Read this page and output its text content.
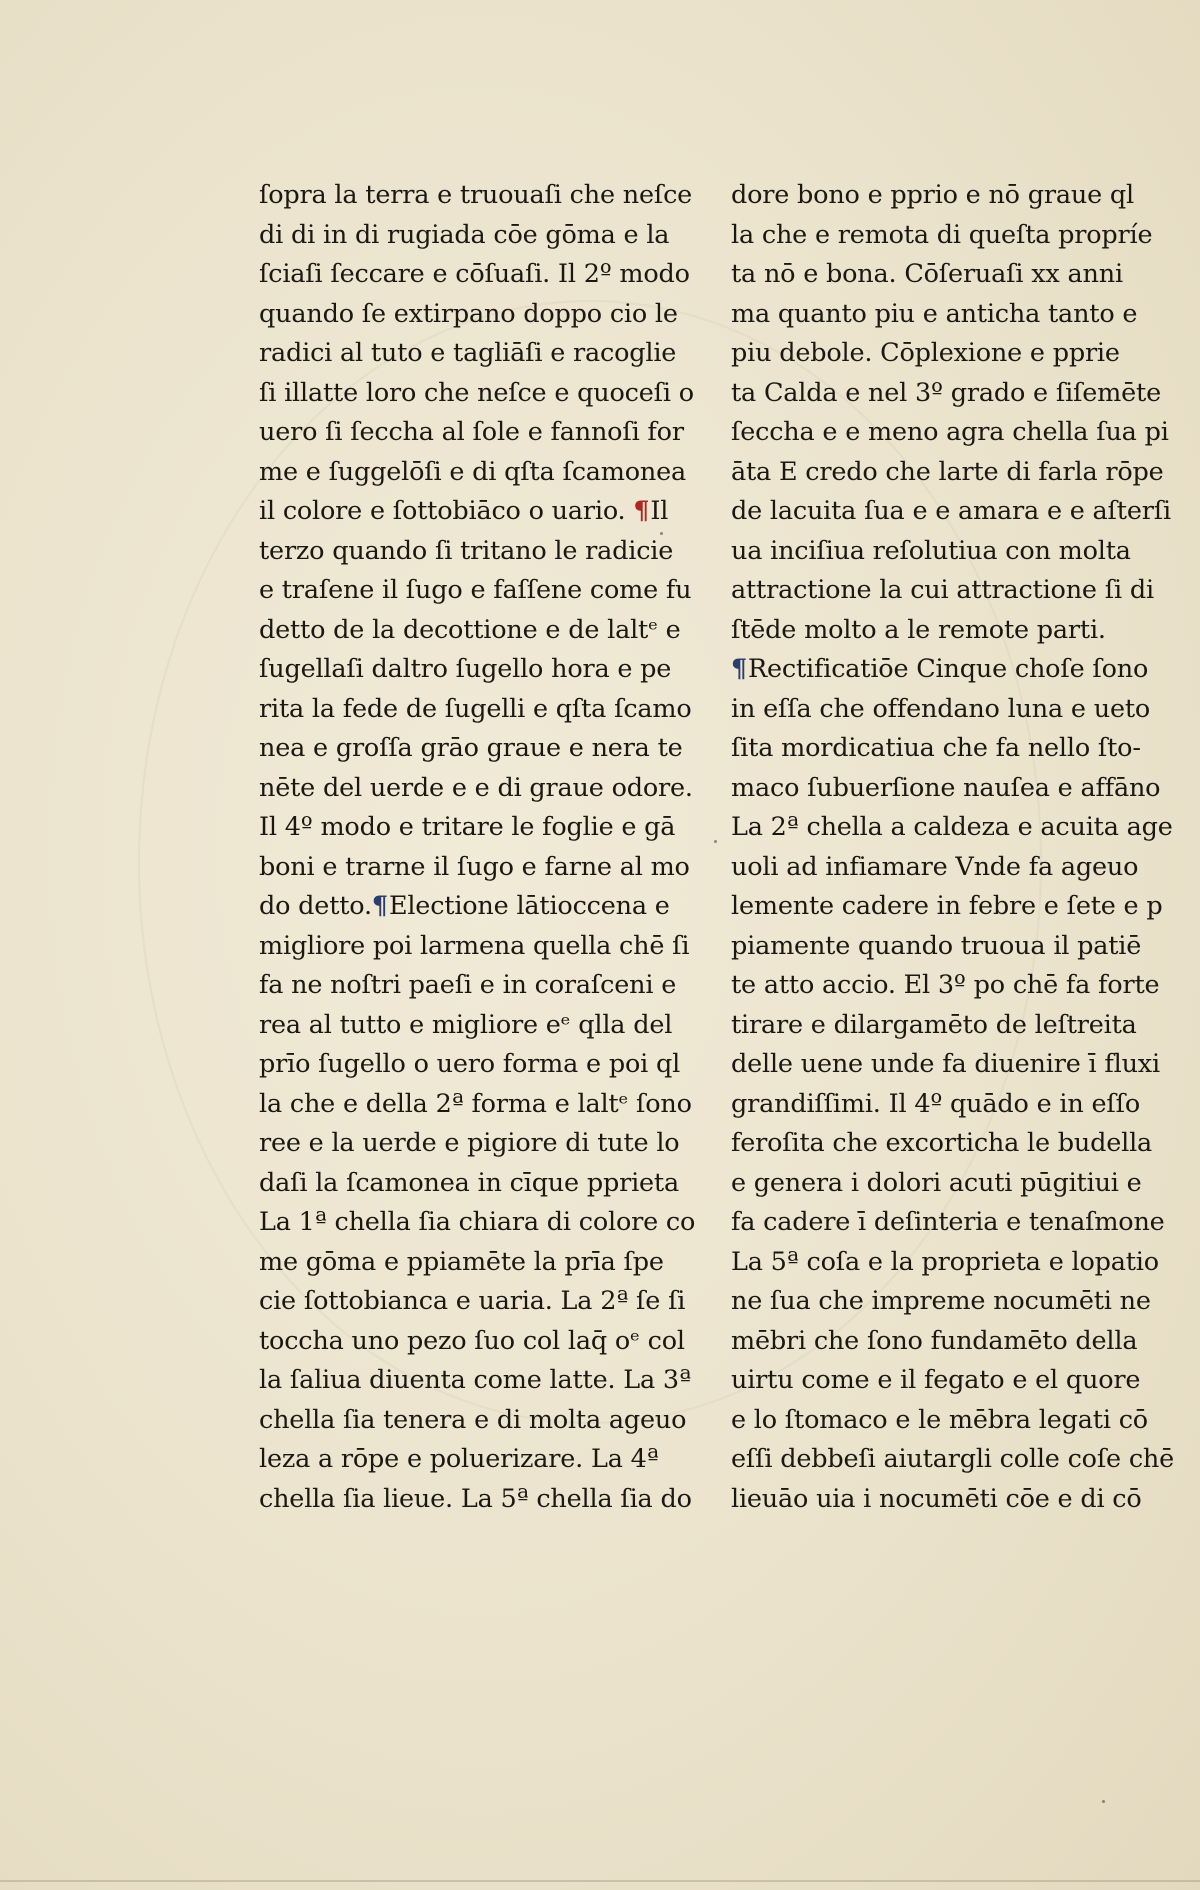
ſopra la terra e truouaſi che neſce
di di in di rugiada cōe gōma e la
ſciaſi ſeccare e cōſuaſi. Il 2º modo
quando ſe extirpano doppo cio le
radici al tuto e tagliāſi e racoglie
ſi illatte loro che neſce e quoceſi o
uero ſi ſeccha al ſole e fannoſi for
me e ſuggelōſi e di qſta ſcamonea
il colore e ſottobiāco o uario. ¶Il
terzo quando ſi tritano le radicie
e traſene il ſugo e faſſene come fu
detto de la decottione e de laltᵉ e
ſugellaſi daltro ſugello hora e pe
rita la fede de ſugelli e qſta ſcamo
nea e groſſa grāo graue e nera te
nēte del uerde e e di graue odore.
Il 4º modo e tritare le foglie e gā
boni e trarne il ſugo e farne al mo
do detto.¶Electione lātioccena e
migliore poi larmena quella chē ſi
fa ne noſtri paeſi e in coraſceni e
rea al tutto e migliore eᵉ qlla del
prīo ſugello o uero forma e poi ql
la che e della 2ª forma e laltᵉ ſono
ree e la uerde e pigiore di tute lo
daſi la ſcamonea in cīque pprieta
La 1ª chella ſia chiara di colore co
me gōma e ppiamēte la prīa ſpe
cie ſottobianca e uaria. La 2ª ſe ſi
toccha uno pezo ſuo col laq̄ oᵉ col
la ſaliua diuenta come latte. La 3ª
chella ſia tenera e di molta ageuo
leza a rōpe e poluerizare. La 4ª
chella ſia lieue. La 5ª chella ſia do
dore bono e pprio e nō graue ql
la che e remota di queſta propríe
ta nō e bona. Cōſeruaſi xx anni
ma quanto piu e anticha tanto e
piu debole. Cōplexione e pprie
ta Calda e nel 3º grado e ſiſemēte
ſeccha e e meno agra chella ſua pi
āta E credo che larte di farla rōpe
de lacuita ſua e e amara e e aſterſi
ua inciſiua reſolutiua con molta
attractione la cui attractione ſi di
ſtēde molto a le remote parti.
¶Rectificatiōe Cinque choſe ſono
in eſſa che offendano luna e ueto
ſita mordicatiua che fa nello ſto-
maco ſubuerſione nauſea e affāno
La 2ª chella a caldeza e acuita age
uoli ad infiamare Vnde fa ageuo
lemente cadere in febre e ſete e p
piamente quando truoua il patiē
te atto accio. El 3º po chē fa forte
tirare e dilargamēto de leſtreita
delle uene unde fa diuenire ī fluxi
grandiſſimi. Il 4º quādo e in eſſo
feroſita che excorticha le budella
e genera i dolori acuti pūgitiui e
fa cadere ī deſinteria e tenaſmone
La 5ª coſa e la proprieta e lopatio
ne ſua che impreme nocumēti ne
mēbri che ſono fundamēto della
uirtu come e il fegato e el quore
e lo ſtomaco e le mēbra legati cō
eſſi debbeſi aiutargli colle coſe chē
lieuāo uia i nocumēti cōe e di cō
